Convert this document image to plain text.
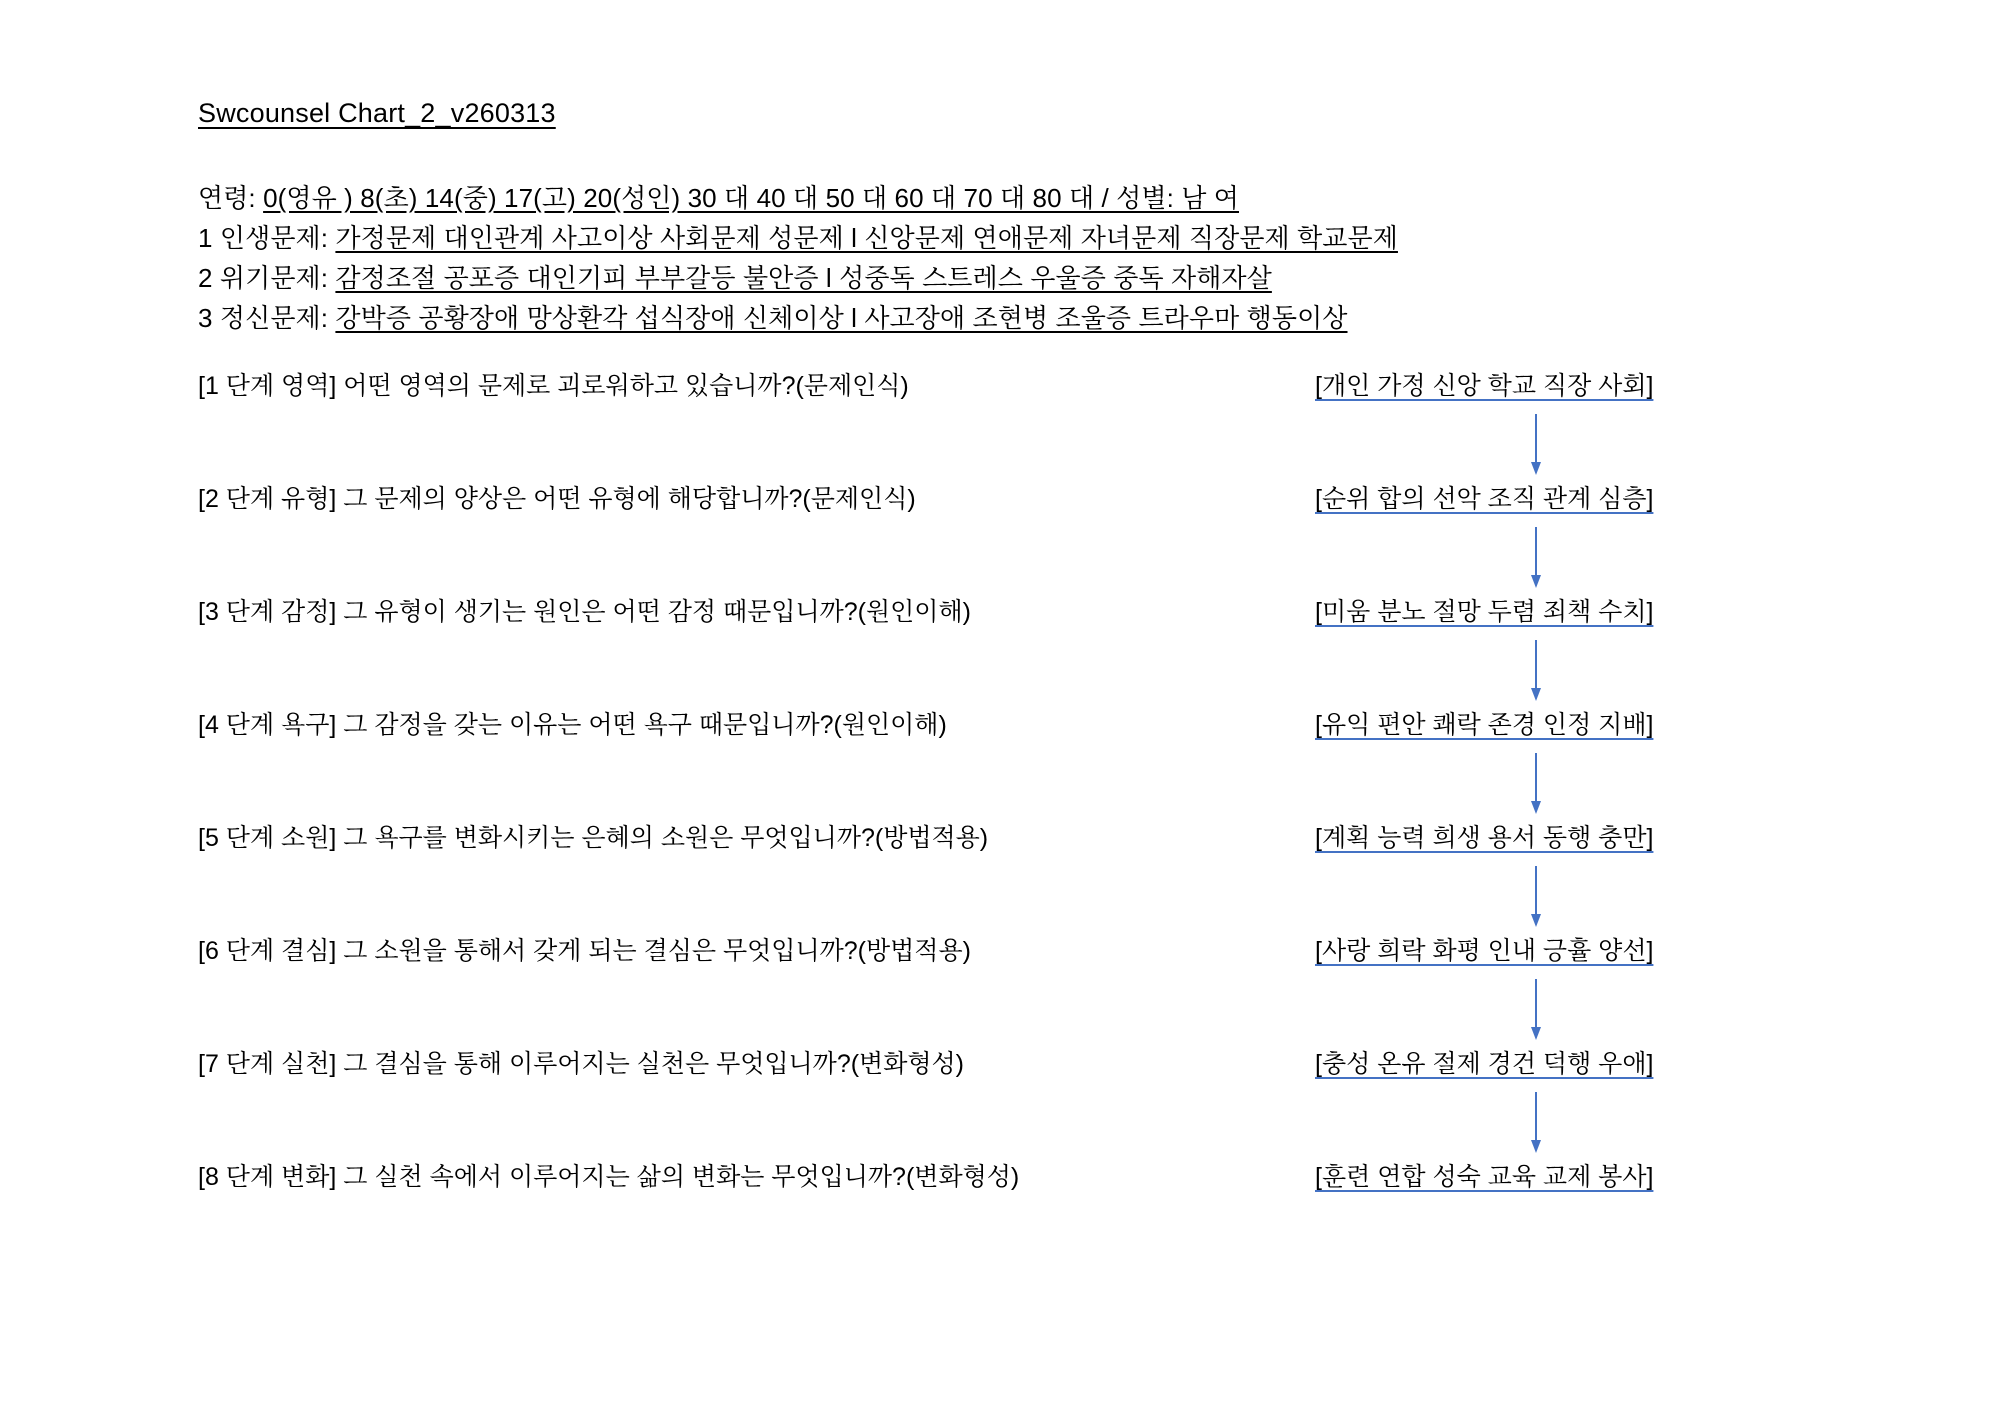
Swcounsel Chart_2_v260313
연령: 0(영유 ) 8(초) 14(중) 17(고) 20(성인) 30 대 40 대 50 대 60 대 70 대 80 대 / 성별: 남 여
1 인생문제: 가정문제 대인관계 사고이상 사회문제 성문제 l 신앙문제 연애문제 자녀문제 직장문제 학교문제
2 위기문제: 감정조절 공포증 대인기피 부부갈등 불안증 l 성중독 스트레스 우울증 중독 자해자살
3 정신문제: 강박증 공황장애 망상환각 섭식장애 신체이상 l 사고장애 조현병 조울증 트라우마 행동이상
[1 단계 영역] 어떤 영역의 문제로 괴로워하고 있습니까?(문제인식)	[개인 가정 신앙 학교 직장 사회]
[2 단계 유형] 그 문제의 양상은 어떤 유형에 해당합니까?(문제인식)	[순위 합의 선악 조직 관계 심층]
[3 단계 감정] 그 유형이 생기는 원인은 어떤 감정 때문입니까?(원인이해)	[미움 분노 절망 두렴 죄책 수치]
[4 단계 욕구] 그 감정을 갖는 이유는 어떤 욕구 때문입니까?(원인이해)	[유익 편안 쾌락 존경 인정 지배]
[5 단계 소원] 그 욕구를 변화시키는 은혜의 소원은 무엇입니까?(방법적용)	[계획 능력 희생 용서 동행 충만]
[6 단계 결심] 그 소원을 통해서 갖게 되는 결심은 무엇입니까?(방법적용)	[사랑 희락 화평 인내 긍휼 양선]
[7 단계 실천] 그 결심을 통해 이루어지는 실천은 무엇입니까?(변화형성)	[충성 온유 절제 경건 덕행 우애]
[8 단계 변화] 그 실천 속에서 이루어지는 삶의 변화는 무엇입니까?(변화형성)	[훈련 연합 성숙 교육 교제 봉사]
